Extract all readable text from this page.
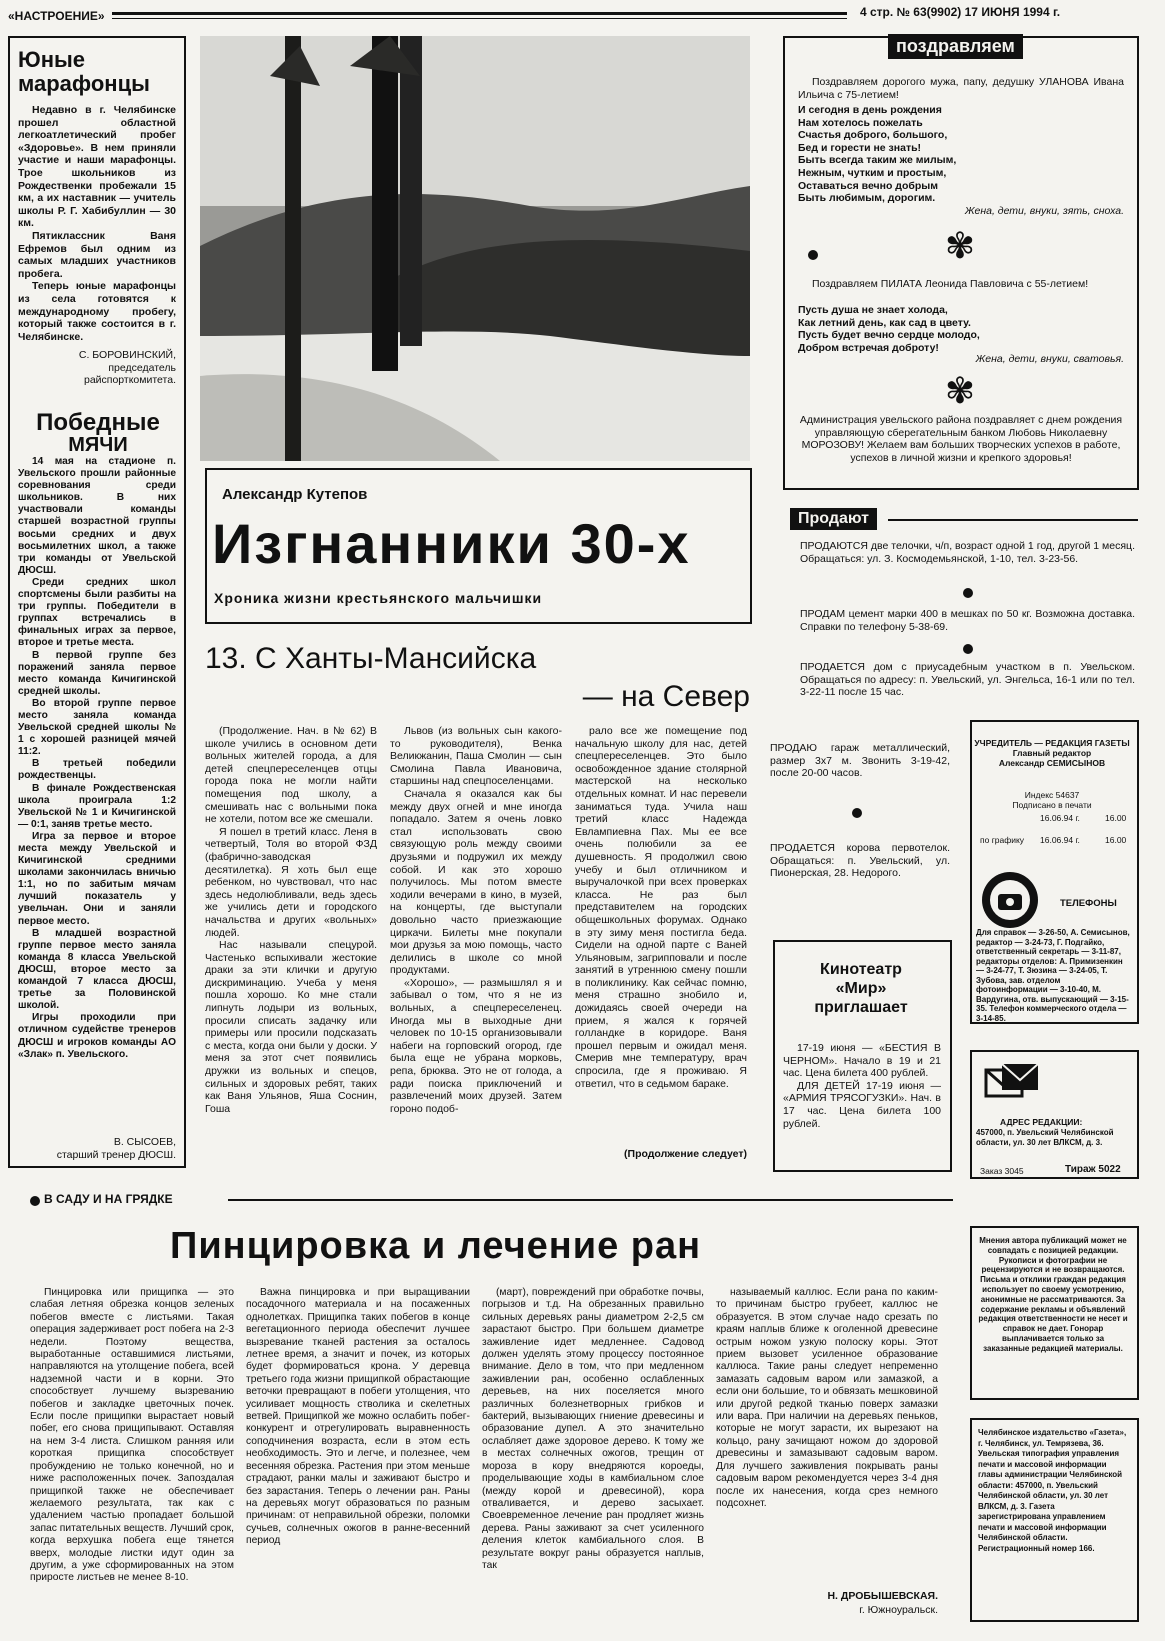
«НАСТРОЕНИЕ»	4 стр. № 63(9902) 17 ИЮНЯ 1994 г.
Юные марафонцы

Недавно в г. Челябинске прошел областной легкоатлетический пробег «Здоровье». В нем приняли участие и наши марафонцы. Трое школьников из Рождественки пробежали 15 км, а их наставник — учитель школы Р. Г. Хабибуллин — 30 км.

Пятиклассник Ваня Ефремов был одним из самых младших участников пробега.

Теперь юные марафонцы из села готовятся к международному пробегу, который также состоится в г. Челябинске.

С. БОРОВИНСКИЙ,
председатель райспорткомитета.
Победные
МЯЧИ

14 мая на стадионе п. Увельского прошли районные соревнования среди школьников. В них участвовали команды старшей возрастной группы восьми средних и двух восьмилетних школ, а также три команды от Увельской ДЮСШ.

Среди средних школ спортсмены были разбиты на три группы. Победители в группах встречались в финальных играх за первое, второе и третье места.

В первой группе без поражений заняла первое место команда Кичигинской средней школы.

Во второй группе первое место заняла команда Увельской средней школы № 1 с хорошей разницей мячей 11:2.

В третьей победили рождественцы.

В финале Рождественская школа проиграла 1:2 Увельской № 1 и Кичигинской — 0:1, заняв третье место.

Игра за первое и второе места между Увельской и Кичигинской средними школами закончилась вничью 1:1, но по забитым мячам лучший показатель у увельчан. Они и заняли первое место.

В младшей возрастной группе первое место заняла команда 8 класса Увельской ДЮСШ, второе место за командой 7 класса ДЮСШ, третье за Половинской школой.

Игры проходили при отличном судействе тренеров ДЮСШ и игроков команды АО «Злак» п. Увельского.

В. СЫСОЕВ,
старший тренер ДЮСШ.
Александр Кутепов
Изгнанники 30-х
Хроника жизни крестьянского мальчишки
13. С Ханты-Мансийска
— на Север

(Продолжение. Нач. в № 62) В школе учились в основном дети вольных жителей города, а для детей спецпереселенцев отцы города пока не могли найти помещения под школу, а смешивать нас с вольными пока не хотели, потом все же смешали.

Я пошел в третий класс. Леня в четвертый, Толя во второй ФЗД (фабрично-заводская десятилетка). Я хоть был еще ребенком, но чувствовал, что нас здесь недолюбливали, ведь здесь же учились дети и городского начальства и других «вольных» людей.

Нас называли спецурой. Частенько вспыхивали жестокие драки за эти клички и другую дискриминацию. Учеба у меня пошла хорошо. Ко мне стали липнуть лодыри из вольных, просили списать задачку или примеры или просили подсказать с места, когда они были у доски. У меня за этот счет появились дружки из вольных и спецов, сильных и здоровых ребят, таких как Ваня Ульянов, Яша Соснин, Гоша

Львов (из вольных сын какого-то руководителя), Венка Великжанин, Паша Смолин — сын Смолина Павла Ивановича, старшины над спецпоселенцами.

Сначала я оказался как бы между двух огней и мне иногда попадало. Затем я очень ловко стал использовать свою связующую роль между своими друзьями и подружил их между собой. И как это хорошо получилось. Мы потом вместе ходили вечерами в кино, в музей, на концерты, где выступали довольно часто приезжающие циркачи. Билеты мне покупали мои друзья за мою помощь, часто делились в школе со мной продуктами.

«Хорошо», — размышлял я и забывал о том, что я не из вольных, а спецпереселенец. Иногда мы в выходные дни человек по 10-15 организовывали набеги на горповский огород, где была еще не убрана морковь, репа, брюква. Это не от голода, а ради поиска приключений и развлечений моих друзей. Затем гороно подоб-

рало все же помещение под начальную школу для нас, детей спецпереселенцев. Это было освобожденное здание столярной мастерской на несколько отдельных комнат. И нас перевели заниматься туда. Учила наш третий класс Надежда Евлампиевна Пах. Мы ее все очень полюбили за ее душевность. Я продолжил свою учебу и был отличником и выручалочкой при всех проверках класса. Не раз был представителем на городских общешкольных форумах. Однако в эту зиму меня постигла беда. Сидели на одной парте с Ваней Ульяновым, загрипповали и после занятий в утреннюю смену пошли в поликлинику. Как сейчас помню, меня страшно знобило и, дожидаясь своей очереди на прием, я жался к горячей голландке в коридоре. Ваня прошел первым и ожидал меня. Смерив мне температуру, врач спросила, где я проживаю. Я ответил, что в седьмом бараке.

(Продолжение следует)
поздравляем

Поздравляем дорогого мужа, папу, дедушку УЛАНОВА Ивана Ильича с 75-летием!

И сегодня в день рождения
Нам хотелось пожелать
Счастья доброго, большого,
Бед и горести не знать!
Быть всегда таким же милым,
Нежным, чутким и простым,
Оставаться вечно добрым
Быть любимым, дорогим.
Жена, дети, внуки, зять, сноха.
✾

Поздравляем ПИЛАТА Леонида Павловича с 55-летием!

Пусть душа не знает холода,
Как летний день, как сад в цвету.
Пусть будет вечно сердце молодо,
Добром встречая доброту!
Жена, дети, внуки, сватовья.
✾
Администрация увельского района поздравляет с днем рождения управляющую сберегательным банком Любовь Николаевну МОРОЗОВУ! Желаем вам больших творческих успехов в работе, успехов в личной жизни и крепкого здоровья!
Продают
ПРОДАЮТСЯ две телочки, ч/п, возраст одной 1 год, другой 1 месяц. Обращаться: ул. З. Космодемьянской, 1-10, тел. 3-23-56.
ПРОДАМ цемент марки 400 в мешках по 50 кг. Возможна доставка. Справки по телефону 5-38-69.
ПРОДАЕТСЯ дом с приусадебным участком в п. Увельском. Обращаться по адресу: п. Увельский, ул. Энгельса, 16-1 или по тел. 3-22-11 после 15 час.
ПРОДАЮ гараж металлический, размер 3х7 м. Звонить 3-19-42, после 20-00 часов.
ПРОДАЕТСЯ корова первотелок. Обращаться: п. Увельский, ул. Пионерская, 28. Недорого.
Кинотеатр
«Мир»
приглашает

17-19 июня — «БЕСТИЯ В ЧЕРНОМ». Начало в 19 и 21 час. Цена билета 400 рублей.

ДЛЯ ДЕТЕЙ 17-19 июня — «АРМИЯ ТРЯСОГУЗКИ». Нач. в 17 час. Цена билета 100 рублей.

УЧРЕДИТЕЛЬ — РЕДАКЦИЯ ГАЗЕТЫ
Главный редактор
Александр СЕМИСЫНОВ
Индекс 54637
Подписано в печати
16.06.94 г.	16.00
по графику 16.06.94 г.	16.00
ТЕЛЕФОНЫ
Для справок — 3-26-50, А. Семисынов, редактор — 3-24-73, Г. Подгайко, ответственный секретарь — 3-11-87, редакторы отделов: А. Примизенкин — 3-24-77, Т. Зюзина — 3-24-05, Т. Зубова, зав. отделом фотоинформации — 3-10-40, М. Вардугина, отв. выпускающий — 3-15-35. Телефон коммерческого отдела — 3-14-85.
АДРЕС РЕДАКЦИИ:
457000, п. Увельский Челябинской области, ул. 30 лет ВЛКСМ, д. 3.
Заказ 3045	Тираж 5022
В САДУ И НА ГРЯДКЕ
Пинцировка и лечение ран

Пинцировка или прищипка — это слабая летняя обрезка концов зеленых побегов вместе с листьями. Такая операция задерживает рост побега на 2-3 недели. Поэтому вещества, выработанные оставшимися листьями, направляются на утолщение побега, всей надземной части и в корни. Это способствует лучшему вызреванию побегов и закладке цветочных почек. Если после прищипки вырастает новый побег, его снова прищипывают. Оставляя на нем 3-4 листа. Слишком ранняя или короткая прищипка способствует пробуждению не только конечной, но и ниже расположенных почек. Запоздалая прищипкой также не обеспечивает желаемого результата, так как с удалением частью пропадает большой запас питательных веществ. Лучший срок, когда верхушка побега еще тянется вверх, молодые листки идут один за другим, а уже сформированных на этом приросте листьев не менее 8-10.

Важна пинцировка и при выращивании посадочного материала и на посаженных однолетках. Прищипка таких побегов в конце вегетационного периода обеспечит лучшее вызревание тканей растения за осталось летнее время, а значит и почек, из которых будет формироваться крона. У деревца третьего года жизни прищипкой обрастающие веточки превращают в побеги утолщения, что усиливает мощность стволика и скелетных ветвей. Прищипкой же можно ослабить побег-конкурент и отрегулировать выравненность соподчинения возраста, если в этом есть необходимость. Это и легче, и полезнее, чем весенняя обрезка. Растения при этом меньше страдают, ранки малы и заживают быстро и без зарастания. Теперь о лечении ран. Раны на деревьях могут образоваться по разным причинам: от неправильной обрезки, поломки сучьев, солнечных ожогов в ранне-весенний период

(март), повреждений при обработке почвы, погрызов и т.д. На обрезанных правильно сильных деревьях раны диаметром 2-2,5 см зарастают быстро. При большем диаметре заживление идет медленнее. Садовод должен уделять этому процессу постоянное внимание. Дело в том, что при медленном заживлении ран, особенно ослабленных деревьев, на них поселяется много различных болезнетворных грибков и бактерий, вызывающих гниение древесины и образование дупел. А это значительно ослабляет даже здоровое дерево. К тому же в местах солнечных ожогов, трещин от мороза в кору внедряются короеды, проделывающие ходы в камбиальном слое (между корой и древесиной), кора отваливается, и дерево засыхает. Своевременное лечение ран продляет жизнь дерева. Раны заживают за счет усиленного деления клеток камбиального слоя. В результате вокруг раны образуется наплыв, так

называемый каллюс. Если рана по каким-то причинам быстро грубеет, каллюс не образуется. В этом случае надо срезать по краям наплыв ближе к оголенной древесине острым ножом узкую полоску коры. Этот прием вызовет усиленное образование каллюса. Такие раны следует непременно замазать садовым варом или замазкой, а если они большие, то и обвязать мешковиной или другой редкой тканью поверх замазки или вара. При наличии на деревьях пеньков, которые не могут зарасти, их вырезают на кольцо, рану зачищают ножом до здоровой древесины и замазывают садовым варом. Для лучшего заживления покрывать раны садовым варом рекомендуется через 3-4 дня после их нанесения, когда срез немного подсохнет.

Н. ДРОБЫШЕВСКАЯ.
г. Южноуральск.
Мнения автора публикаций может не совпадать с позицией редакции. Рукописи и фотографии не рецензируются и не возвращаются. Письма и отклики граждан редакция использует по своему усмотрению, анонимные не рассматриваются. За содержание рекламы и объявлений редакция ответственности не несет и справок не дает. Гонорар выплачивается только за заказанные редакцией материалы.
Челябинское издательство «Газета», г. Челябинск, ул. Темрязева, 36. Увельская типография управления печати и массовой информации главы администрации Челябинской области: 457000, п. Увельский Челябинской области, ул. 30 лет ВЛКСМ, д. 3. Газета зарегистрирована управлением печати и массовой информации Челябинской области. Регистрационный номер 166.
